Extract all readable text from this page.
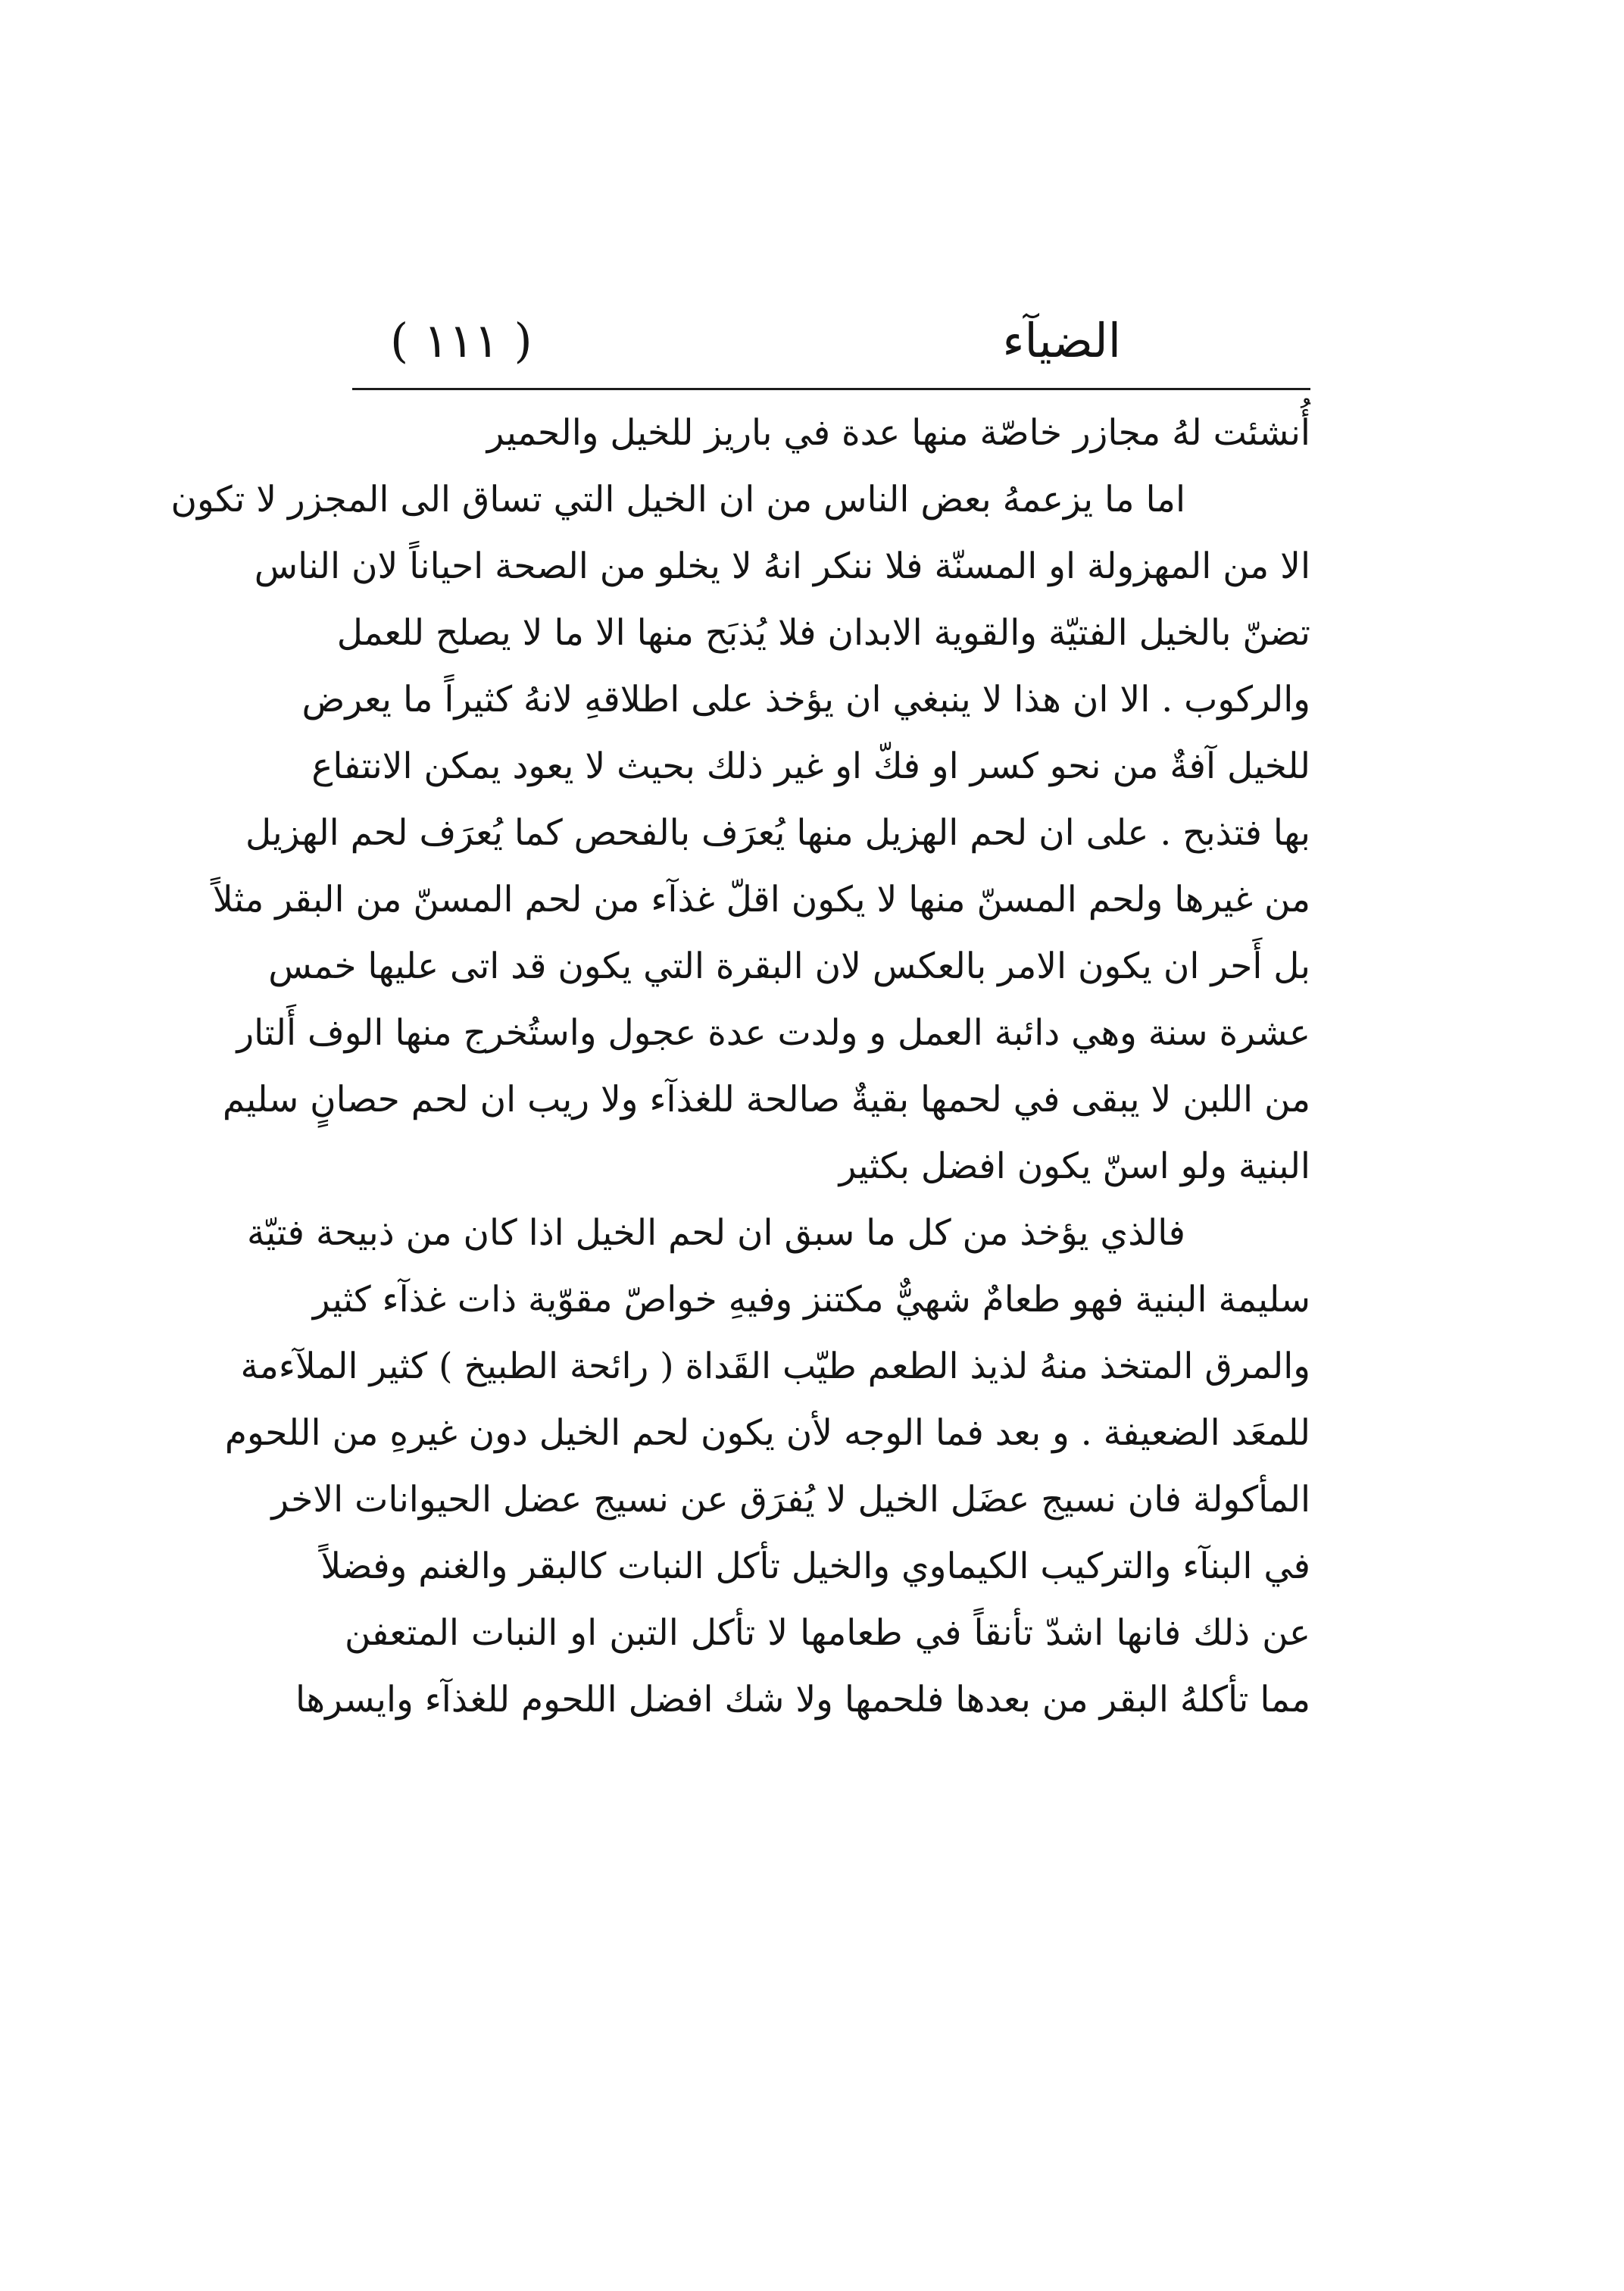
الضيآء
( ١١١ )
أُنشئت لهُ مجازر خاصّة منها عدة في باريز للخيل والحمير
اما ما يزعمهُ بعض الناس من ان الخيل التي تساق الى المجزر لا تكون
الا من المهزولة او المسنّة فلا ننكر انهُ لا يخلو من الصحة احياناً لان الناس
تضنّ بالخيل الفتيّة والقوية الابدان فلا يُذبَح منها الا ما لا يصلح للعمل
والركوب . الا ان هذا لا ينبغي ان يؤخذ على اطلاقهِ لانهُ كثيراً ما يعرض
للخيل آفةٌ من نحو كسر او فكّ او غير ذلك بحيث لا يعود يمكن الانتفاع
بها فتذبح . على ان لحم الهزيل منها يُعرَف بالفحص كما يُعرَف لحم الهزيل
من غيرها ولحم المسنّ منها لا يكون اقلّ غذآء من لحم المسنّ من البقر مثلاً
بل أَحر ان يكون الامر بالعكس لان البقرة التي يكون قد اتى عليها خمس
عشرة سنة وهي دائبة العمل و ولدت عدة عجول واستُخرج منها الوف أَلتار
من اللبن لا يبقى في لحمها بقيةٌ صالحة للغذآء ولا ريب ان لحم حصانٍ سليم
البنية ولو اسنّ يكون افضل بكثير
فالذي يؤخذ من كل ما سبق ان لحم الخيل اذا كان من ذبيحة فتيّة
سليمة البنية فهو طعامٌ شهيٌّ مكتنز وفيهِ خواصّ مقوّية ذات غذآء كثير
والمرق المتخذ منهُ لذيذ الطعم طيّب القَداة ( رائحة الطبيخ ) كثير الملآءمة
للمعَد الضعيفة . و بعد فما الوجه لأن يكون لحم الخيل دون غيرهِ من اللحوم
المأكولة فان نسيج عضَل الخيل لا يُفرَق عن نسيج عضل الحيوانات الاخر
في البنآء والتركيب الكيماوي والخيل تأكل النبات كالبقر والغنم وفضلاً
عن ذلك فانها اشدّ تأنقاً في طعامها لا تأكل التبن او النبات المتعفن
مما تأكلهُ البقر من بعدها فلحمها ولا شك افضل اللحوم للغذآء وايسرها
